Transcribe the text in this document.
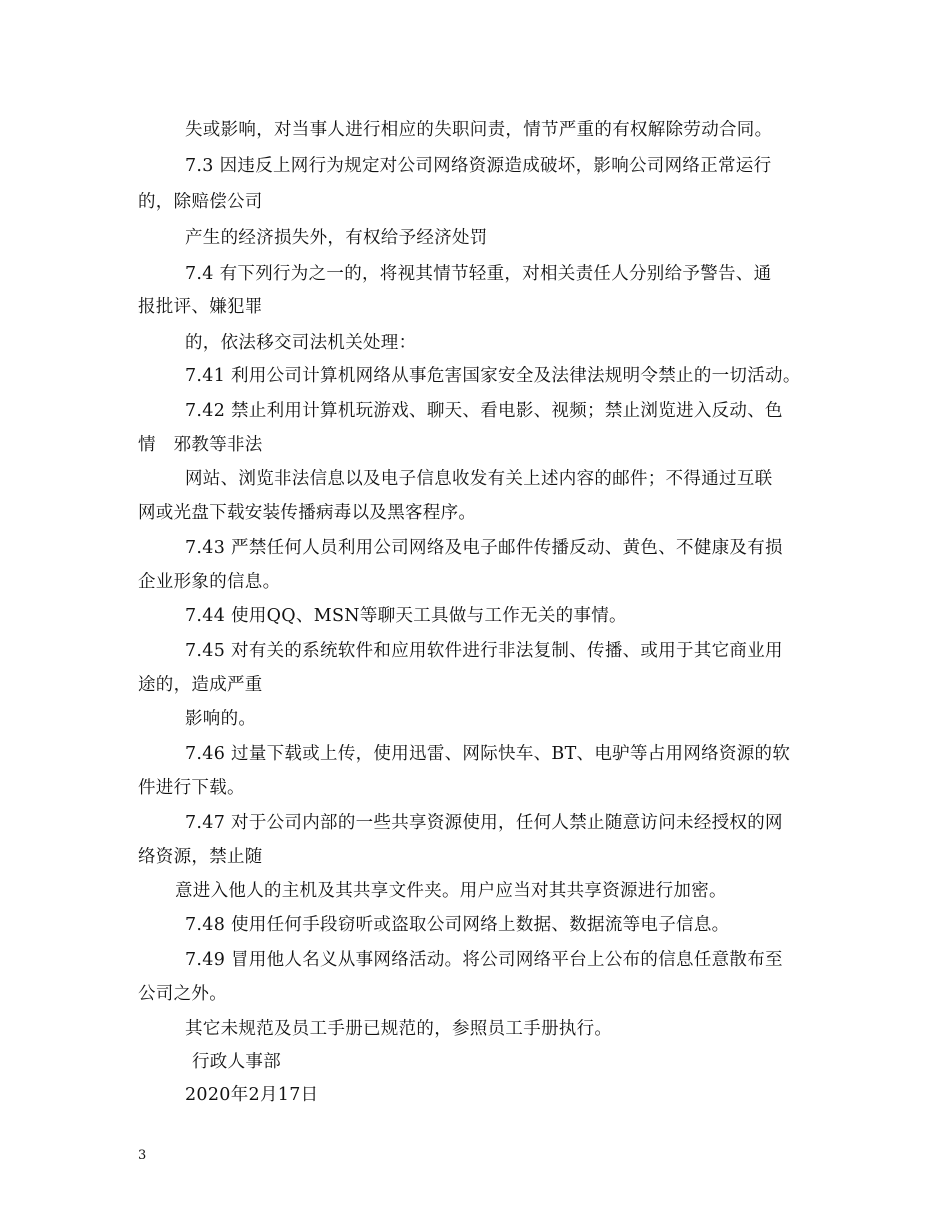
失或影响，对当事人进行相应的失职问责，情节严重的有权解除劳动合同。
7.3 因违反上网行为规定对公司网络资源造成破坏，影响公司网络正常运行
的，除赔偿公司
产生的经济损失外，有权给予经济处罚
7.4 有下列行为之一的，将视其情节轻重，对相关责任人分别给予警告、通
报批评、嫌犯罪
的，依法移交司法机关处理：
7.41 利用公司计算机网络从事危害国家安全及法律法规明令禁止的一切活动。
7.42 禁止利用计算机玩游戏、聊天、看电影、视频；禁止浏览进入反动、色
情　邪教等非法
网站、浏览非法信息以及电子信息收发有关上述内容的邮件；不得通过互联
网或光盘下载安装传播病毒以及黑客程序。
7.43 严禁任何人员利用公司网络及电子邮件传播反动、黄色、不健康及有损
企业形象的信息。
7.44 使用QQ、MSN等聊天工具做与工作无关的事情。
7.45 对有关的系统软件和应用软件进行非法复制、传播、或用于其它商业用
途的，造成严重
影响的。
7.46 过量下载或上传，使用迅雷、网际快车、BT、电驴等占用网络资源的软
件进行下载。
7.47 对于公司内部的一些共享资源使用，任何人禁止随意访问未经授权的网
络资源，禁止随
意进入他人的主机及其共享文件夹。用户应当对其共享资源进行加密。
7.48 使用任何手段窃听或盗取公司网络上数据、数据流等电子信息。
7.49 冒用他人名义从事网络活动。将公司网络平台上公布的信息任意散布至
公司之外。
其它未规范及员工手册已规范的，参照员工手册执行。
行政人事部
2020年2月17日
3
